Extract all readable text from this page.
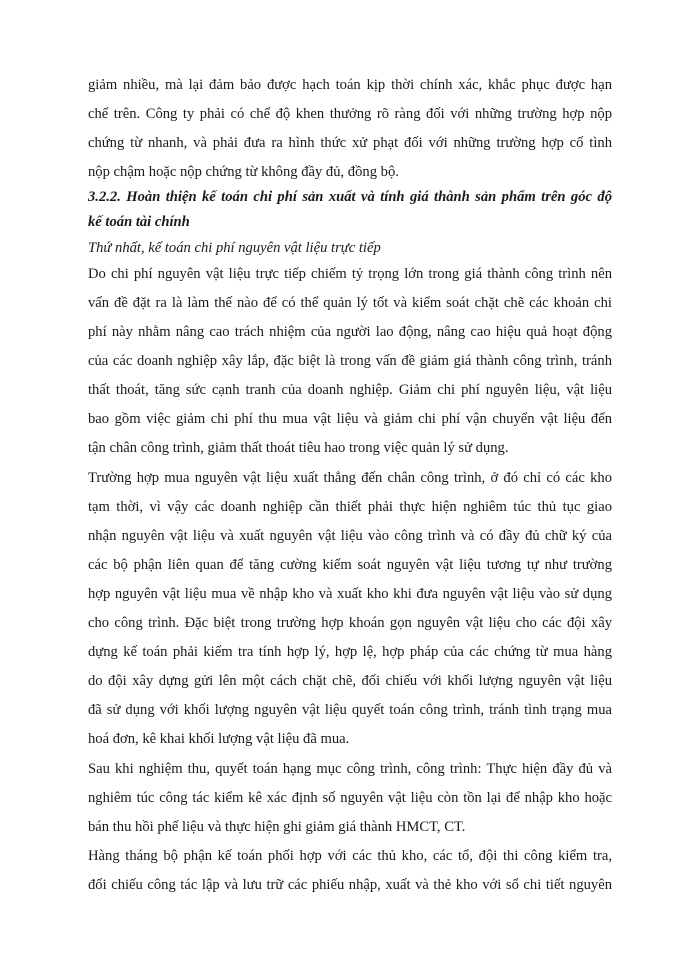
giảm nhiều, mà lại đảm bảo được hạch toán kịp thời chính xác, khắc phục được hạn

chế trên. Công ty phải có chế độ khen thưởng rõ ràng đối với những trường hợp nộp

chứng từ nhanh, và phải đưa ra hình thức xử phạt đối với những trường hợp cố tình

nộp chậm hoặc nộp chứng từ không đầy đủ, đồng bộ.

3.2.2. Hoàn thiện kế toán chi phí sản xuất và tính giá thành sản phẩm trên góc độ

kế toán tài chính

Thứ nhất, kế toán chi phí nguyên vật liệu trực tiếp

Do chi phí nguyên vật liệu trực tiếp chiếm tỷ trọng lớn trong giá thành công trình nên

vấn đề đặt ra là làm thế nào để có thể quản lý tốt và kiểm soát chặt chẽ các khoản chi

phí này nhằm nâng cao trách nhiệm của người lao động, nâng cao hiệu quả hoạt động

của các doanh nghiệp xây lắp, đặc biệt là trong vấn đề giảm giá thành công trình, tránh

thất thoát, tăng sức cạnh tranh của doanh nghiệp. Giảm chi phí nguyên liệu, vật liệu

bao gồm việc giảm chi phí thu mua vật liệu và giảm chi phí vận chuyển vật liệu đến

tận chân công trình, giảm thất thoát tiêu hao trong việc quản lý sử dụng.

Trường hợp mua nguyên vật liệu xuất thẳng đến chân công trình, ở đó chỉ có các kho

tạm thời, vì vậy các doanh nghiệp cần thiết phải thực hiện nghiêm túc thủ tục giao

nhận nguyên vật liệu và xuất nguyên vật liệu vào công trình và có đầy đủ chữ ký của

các bộ phận liên quan để tăng cường kiểm soát nguyên vật liệu tương tự như trường

hợp nguyên vật liệu mua về nhập kho và xuất kho khi đưa nguyên vật liệu vào sử dụng

cho công trình. Đặc biệt trong trường hợp khoán gọn nguyên vật liệu cho các đội xây

dựng kế toán phải kiểm tra tính hợp lý, hợp lệ, hợp pháp của các chứng từ mua hàng

do đội xây dựng gửi lên một cách chặt chẽ, đối chiếu với khối lượng nguyên vật liệu

đã sử dụng với khối lượng nguyên vật liệu quyết toán công trình, tránh tình trạng mua

hoá đơn, kê khai khối lượng vật liệu đã mua.

Sau khi nghiệm thu, quyết toán hạng mục công trình, công trình: Thực hiện đầy đủ và

nghiêm túc công tác kiểm kê xác định số nguyên vật liệu còn tồn lại để nhập kho hoặc

bán thu hồi phế liệu và thực hiện ghi giảm giá thành HMCT, CT.

Hàng tháng bộ phận kế toán phối hợp với các thủ kho, các tổ, đội thi công kiểm tra,

đối chiếu công tác lập và lưu trữ các phiếu nhập, xuất và thẻ kho với sổ chi tiết nguyên
